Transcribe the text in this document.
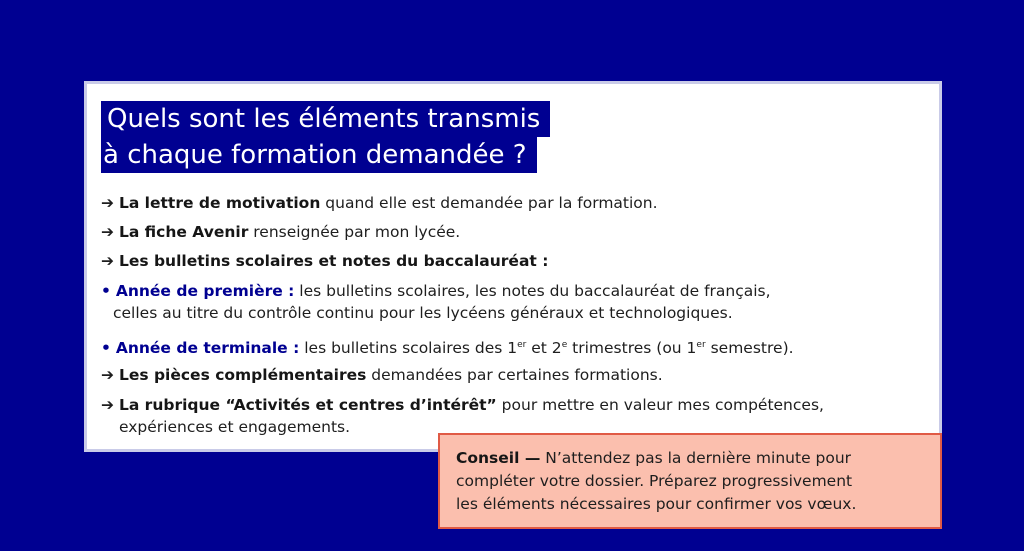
Quels sont les éléments transmis
à chaque formation demandée ?
➔ La lettre de motivation quand elle est demandée par la formation.
➔ La fiche Avenir renseignée par mon lycée.
➔ Les bulletins scolaires et notes du baccalauréat :
• Année de première : les bulletins scolaires, les notes du baccalauréat de français,
celles au titre du contrôle continu pour les lycéens généraux et technologiques.
• Année de terminale : les bulletins scolaires des 1er et 2e trimestres (ou 1er semestre).
➔ Les pièces complémentaires demandées par certaines formations.
➔ La rubrique “Activités et centres d’intérêt” pour mettre en valeur mes compétences,
expériences et engagements.
Conseil — N’attendez pas la dernière minute pour
compléter votre dossier. Préparez progressivement
les éléments nécessaires pour confirmer vos vœux.
